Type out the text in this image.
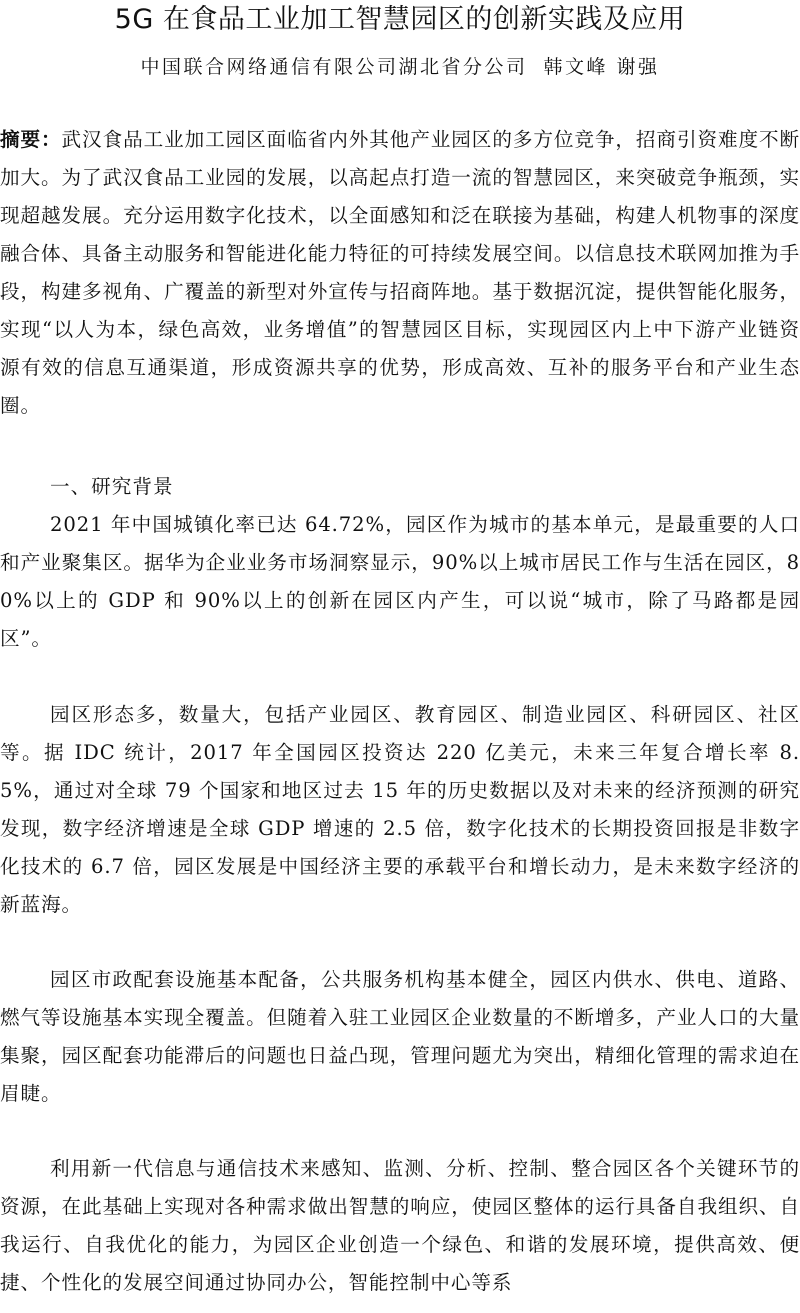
5G 在食品工业加工智慧园区的创新实践及应用
中国联合网络通信有限公司湖北省分公司 韩文峰 谢强
摘要：武汉食品工业加工园区面临省内外其他产业园区的多方位竞争，招商引资难度不断加大。为了武汉食品工业园的发展，以高起点打造一流的智慧园区，来突破竞争瓶颈，实现超越发展。充分运用数字化技术，以全面感知和泛在联接为基础，构建人机物事的深度融合体、具备主动服务和智能进化能力特征的可持续发展空间。以信息技术联网加推为手段，构建多视角、广覆盖的新型对外宣传与招商阵地。基于数据沉淀，提供智能化服务，实现“以人为本，绿色高效，业务增值”的智慧园区目标，实现园区内上中下游产业链资源有效的信息互通渠道，形成资源共享的优势，形成高效、互补的服务平台和产业生态圈。
一、研究背景
2021 年中国城镇化率已达 64.72%，园区作为城市的基本单元，是最重要的人口和产业聚集区。据华为企业业务市场洞察显示，90%以上城市居民工作与生活在园区，80%以上的 GDP 和 90%以上的创新在园区内产生，可以说“城市，除了马路都是园区”。
园区形态多，数量大，包括产业园区、教育园区、制造业园区、科研园区、社区等。据 IDC 统计，2017 年全国园区投资达 220 亿美元，未来三年复合增长率 8.5%，通过对全球 79 个国家和地区过去 15 年的历史数据以及对未来的经济预测的研究发现，数字经济增速是全球 GDP 增速的 2.5 倍，数字化技术的长期投资回报是非数字化技术的 6.7 倍，园区发展是中国经济主要的承载平台和增长动力，是未来数字经济的新蓝海。
园区市政配套设施基本配备，公共服务机构基本健全，园区内供水、供电、道路、燃气等设施基本实现全覆盖。但随着入驻工业园区企业数量的不断增多，产业人口的大量集聚，园区配套功能滞后的问题也日益凸现，管理问题尤为突出，精细化管理的需求迫在眉睫。
利用新一代信息与通信技术来感知、监测、分析、控制、整合园区各个关键环节的资源，在此基础上实现对各种需求做出智慧的响应，使园区整体的运行具备自我组织、自我运行、自我优化的能力，为园区企业创造一个绿色、和谐的发展环境，提供高效、便捷、个性化的发展空间通过协同办公，智能控制中心等系
